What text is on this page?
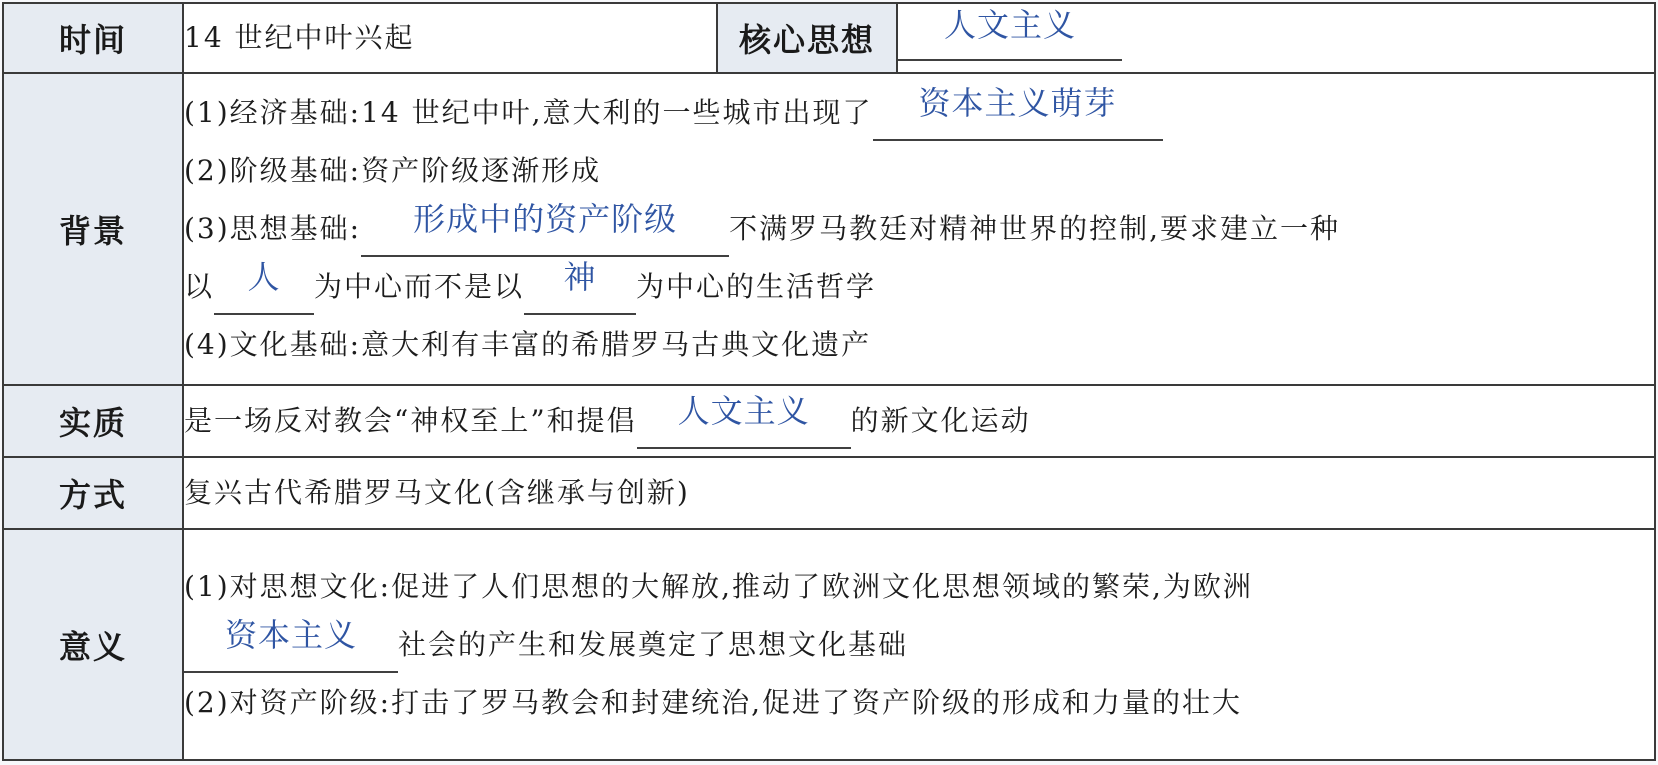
时间	14 世纪中叶兴起	核心思想	人文主义
背景	(1)经济基础:14 世纪中叶,意大利的一些城市出现了 资本主义萌芽
(2)阶级基础:资产阶级逐渐形成
(3)思想基础: 形成中的资产阶级 不满罗马教廷对精神世界的控制,要求建立一种
以 人 为中心而不是以 神 为中心的生活哲学
(4)文化基础:意大利有丰富的希腊罗马古典文化遗产		

实质	是一场反对教会“神权至上”和提倡 人文主义 的新文化运动		
方式	复兴古代希腊罗马文化(含继承与创新)		
意义	(1)对思想文化:促进了人们思想的大解放,推动了欧洲文化思想领域的繁荣,为欧洲
资本主义 社会的产生和发展奠定了思想文化基础
(2)对资产阶级:打击了罗马教会和封建统治,促进了资产阶级的形成和力量的壮大		
